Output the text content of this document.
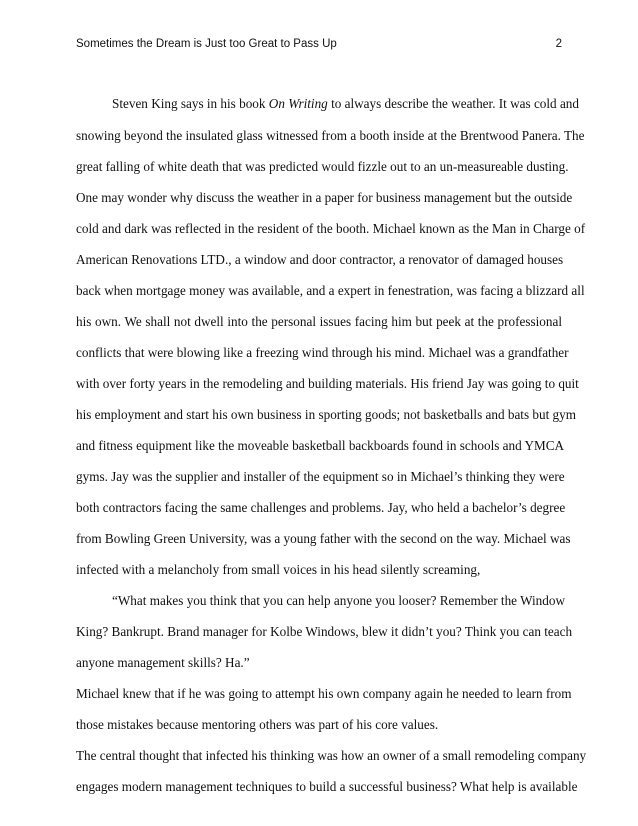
Sometimes the Dream is Just too Great to Pass Up	2
Steven King says in his book On Writing to always describe the weather. It was cold and
snowing beyond the insulated glass witnessed from a booth inside at the Brentwood Panera. The
great falling of white death that was predicted would fizzle out to an un-measureable dusting.
One may wonder why discuss the weather in a paper for business management but the outside
cold and dark was reflected in the resident of the booth. Michael known as the Man in Charge of
American Renovations LTD., a window and door contractor, a renovator of damaged houses
back when mortgage money was available, and a expert in fenestration, was facing a blizzard all
his own. We shall not dwell into the personal issues facing him but peek at the professional
conflicts that were blowing like a freezing wind through his mind. Michael was a grandfather
with over forty years in the remodeling and building materials. His friend Jay was going to quit
his employment and start his own business in sporting goods; not basketballs and bats but gym
and fitness equipment like the moveable basketball backboards found in schools and YMCA
gyms. Jay was the supplier and installer of the equipment so in Michael’s thinking they were
both contractors facing the same challenges and problems. Jay, who held a bachelor’s degree
from Bowling Green University, was a young father with the second on the way. Michael was
infected with a melancholy from small voices in his head silently screaming,
“What makes you think that you can help anyone you looser? Remember the Window
King? Bankrupt. Brand manager for Kolbe Windows, blew it didn’t you? Think you can teach
anyone management skills? Ha.”
Michael knew that if he was going to attempt his own company again he needed to learn from
those mistakes because mentoring others was part of his core values.
The central thought that infected his thinking was how an owner of a small remodeling company
engages modern management techniques to build a successful business? What help is available
